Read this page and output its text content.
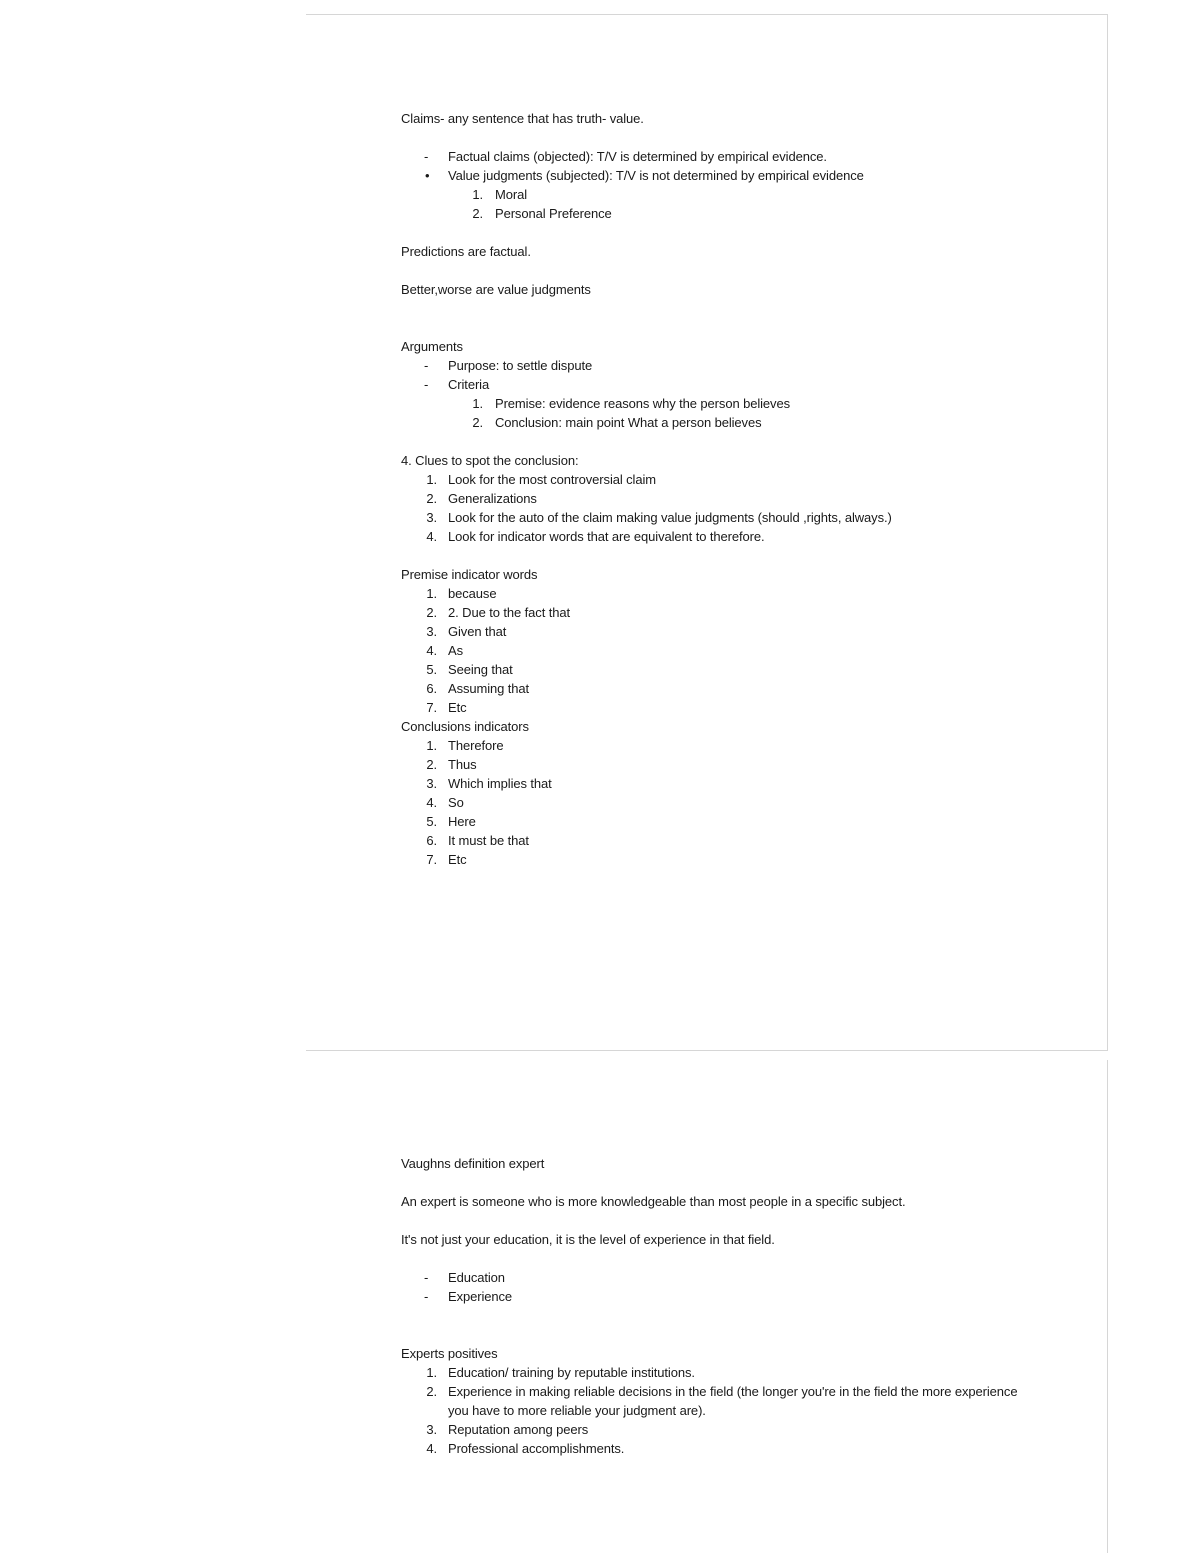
Claims- any sentence that has truth- value.

-	Factual claims (objected): T/V is determined by empirical evidence.
•	Value judgments (subjected): T/V is not determined by empirical evidence
1. Moral
2. Personal Preference

Predictions are factual.

Better,worse are value judgments

Arguments

-	Purpose: to settle dispute
-	Criteria
1. Premise: evidence reasons why the person believes
2. Conclusion: main point What a person believes

4. Clues to spot the conclusion:

1. Look for the most controversial claim
2. Generalizations
3. Look for the auto of the claim making value judgments (should ,rights, always.)
4. Look for indicator words that are equivalent to therefore.

Premise indicator words

1. because
2. 2. Due to the fact that
3. Given that
4. As
5. Seeing that
6. Assuming that
7. Etc

Conclusions indicators

1. Therefore
2. Thus
3. Which implies that
4. So
5. Here
6. It must be that
7. Etc

Vaughns definition expert

An expert is someone who is more knowledgeable than most people in a specific subject.

It's not just your education, it is the level of experience in that field.

-	Education
-	Experience

Experts positives

1. Education/ training by reputable institutions.
2. Experience in making reliable decisions in the field (the longer you're in the field the more experience you have to more reliable your judgment are).
3. Reputation among peers
4. Professional accomplishments.
